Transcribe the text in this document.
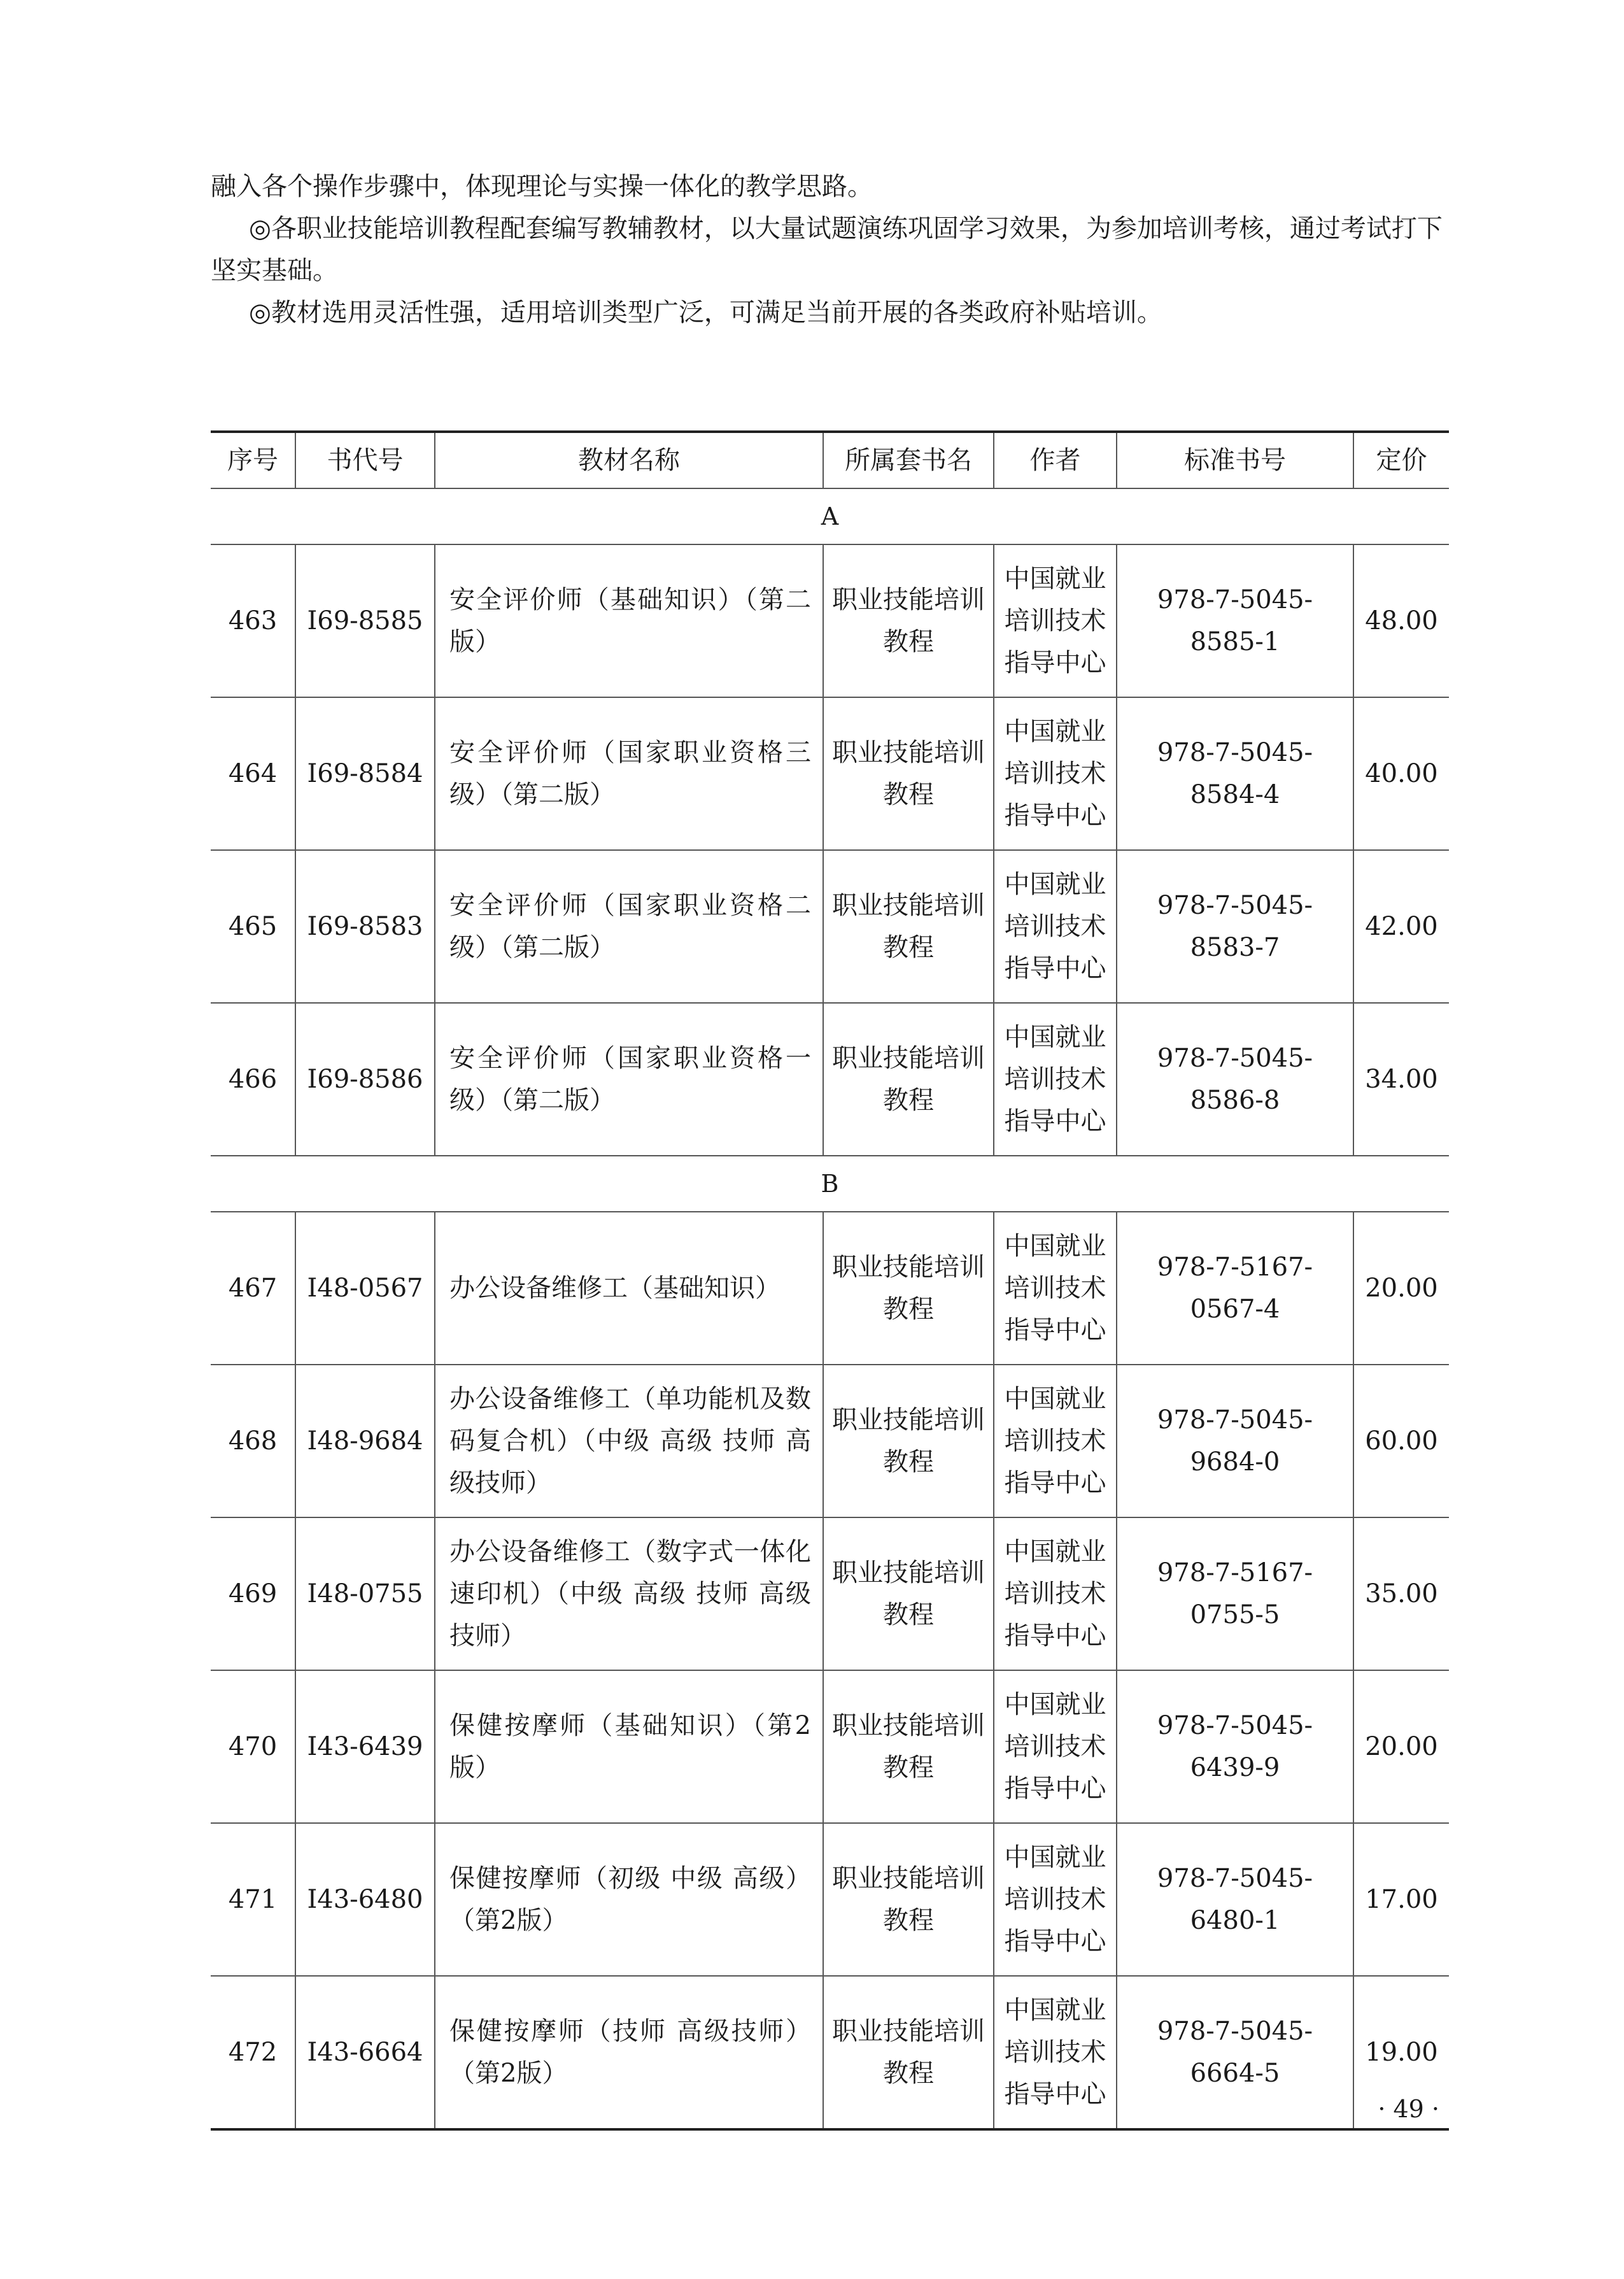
融入各个操作步骤中，体现理论与实操一体化的教学思路。

◎各职业技能培训教程配套编写教辅教材，以大量试题演练巩固学习效果，为参加培训考核，通过考试打下坚实基础。

◎教材选用灵活性强，适用培训类型广泛，可满足当前开展的各类政府补贴培训。

序号	书代号	教材名称	所属套书名	作者	标准书号	定价
A						
463	I69-8585	安全评价师（基础知识）（第二版）	职业技能培训教程	中国就业培训技术指导中心	978-7-5045-8585-1	48.00
464	I69-8584	安全评价师（国家职业资格三级）（第二版）	职业技能培训教程	中国就业培训技术指导中心	978-7-5045-8584-4	40.00
465	I69-8583	安全评价师（国家职业资格二级）（第二版）	职业技能培训教程	中国就业培训技术指导中心	978-7-5045-8583-7	42.00
466	I69-8586	安全评价师（国家职业资格一级）（第二版）	职业技能培训教程	中国就业培训技术指导中心	978-7-5045-8586-8	34.00
B						
467	I48-0567	办公设备维修工（基础知识）	职业技能培训教程	中国就业培训技术指导中心	978-7-5167-0567-4	20.00
468	I48-9684	办公设备维修工（单功能机及数码复合机）（中级 高级 技师 高级技师）	职业技能培训教程	中国就业培训技术指导中心	978-7-5045-9684-0	60.00
469	I48-0755	办公设备维修工（数字式一体化速印机）（中级 高级 技师 高级技师）	职业技能培训教程	中国就业培训技术指导中心	978-7-5167-0755-5	35.00
470	I43-6439	保健按摩师（基础知识）（第2版）	职业技能培训教程	中国就业培训技术指导中心	978-7-5045-6439-9	20.00
471	I43-6480	保健按摩师（初级 中级 高级）（第2版）	职业技能培训教程	中国就业培训技术指导中心	978-7-5045-6480-1	17.00
472	I43-6664	保健按摩师（技师 高级技师）（第2版）	职业技能培训教程	中国就业培训技术指导中心	978-7-5045-6664-5	19.00
· 49 ·
